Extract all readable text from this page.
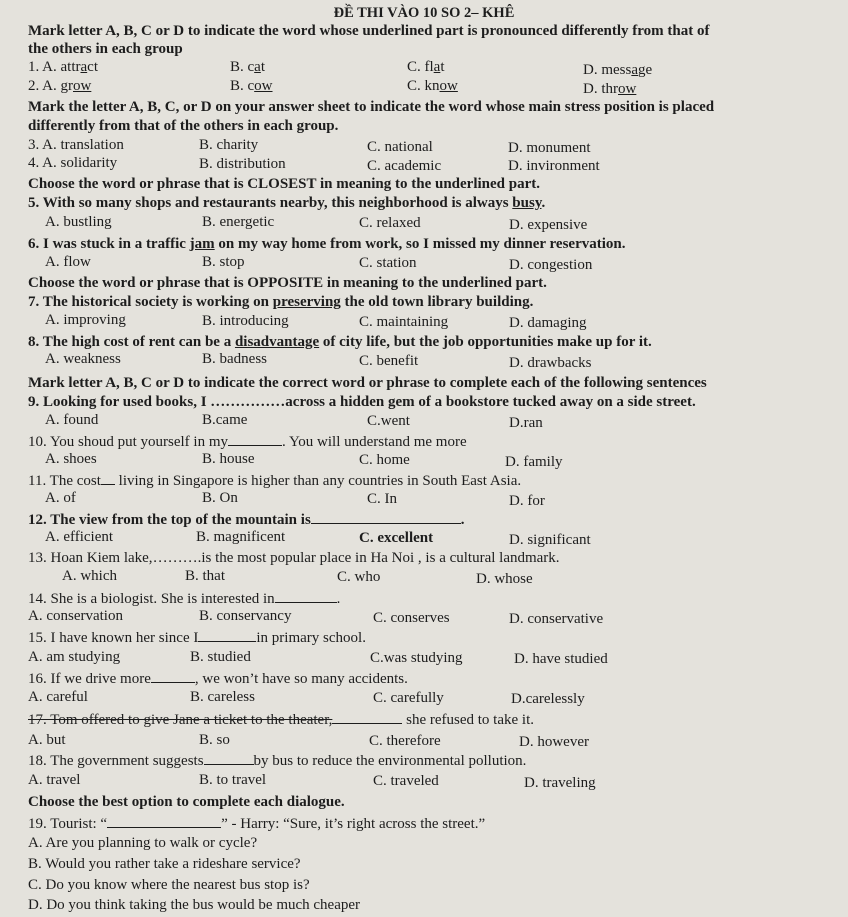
ĐỀ THI VÀO 10 SO 2– KHÊ
Mark letter A, B, C or D to indicate the word whose underlined part is pronounced differently from that of
the others in each group
1. A. attract	B. cat	C. flat	D. message
2. A. grow	B. cow	C. know	D. throw
Mark the letter A, B, C, or D on your answer sheet to indicate the word whose main stress position is placed
differently from that of the others in each group.
3. A. translation	B. charity	C. national	D. monument
4. A. solidarity	B. distribution	C. academic	D. invironment
Choose the word or phrase that is CLOSEST in meaning to the underlined part.
5. With so many shops and restaurants nearby, this neighborhood is always busy.
A. bustling	B. energetic	C. relaxed	D. expensive
6. I was stuck in a traffic jam on my way home from work, so I missed my dinner reservation.
A. flow	B. stop	C. station	D. congestion
Choose the word or phrase that is OPPOSITE in meaning to the underlined part.
7. The historical society is working on preserving the old town library building.
A. improving	B. introducing	C. maintaining	D. damaging
8. The high cost of rent can be a disadvantage of city life, but the job opportunities make up for it.
A. weakness	B. badness	C. benefit	D. drawbacks
Mark letter A, B, C or D to indicate the correct word or phrase to complete each of the following sentences
9. Looking for used books, I ……………across a hidden gem of a bookstore tucked away on a side street.
A. found	B.came	C.went	D.ran
10. You shoud put yourself in my	. You will understand me more
A. shoes	B. house	C. home	D. family
11. The cost living in Singapore is higher than any countries in South East Asia.
A. of	B. On	C. In	D. for
12. The view from the top of the mountain is	.
A. efficient	B. magnificent	C. excellent	D. significant
13. Hoan Kiem lake,……….is the most popular place in Ha Noi , is a cultural landmark.
A. which	B. that	C. who	D. whose
14. She is a biologist. She is interested in	.
A. conservation	B. conservancy	C. conserves	D. conservative
15. I have known her since I	in primary school.
A. am studying	B. studied	C.was studying	D. have studied
16. If we drive more	, we won’t have so many accidents.
A. careful	B. careless	C. carefully	D.carelessly
17. Tom offered to give Jane a ticket to the theater,	she refused to take it.
A. but	B. so	C. therefore	D. however
18. The government suggests	by bus to reduce the environmental pollution.
A. travel	B. to travel	C. traveled	D. traveling
Choose the best option to complete each dialogue.
19. Tourist: “	” - Harry: “Sure, it’s right across the street.”
A. Are you planning to walk or cycle?
B. Would you rather take a rideshare service?
C. Do you know where the nearest bus stop is?
D. Do you think taking the bus would be much cheaper
